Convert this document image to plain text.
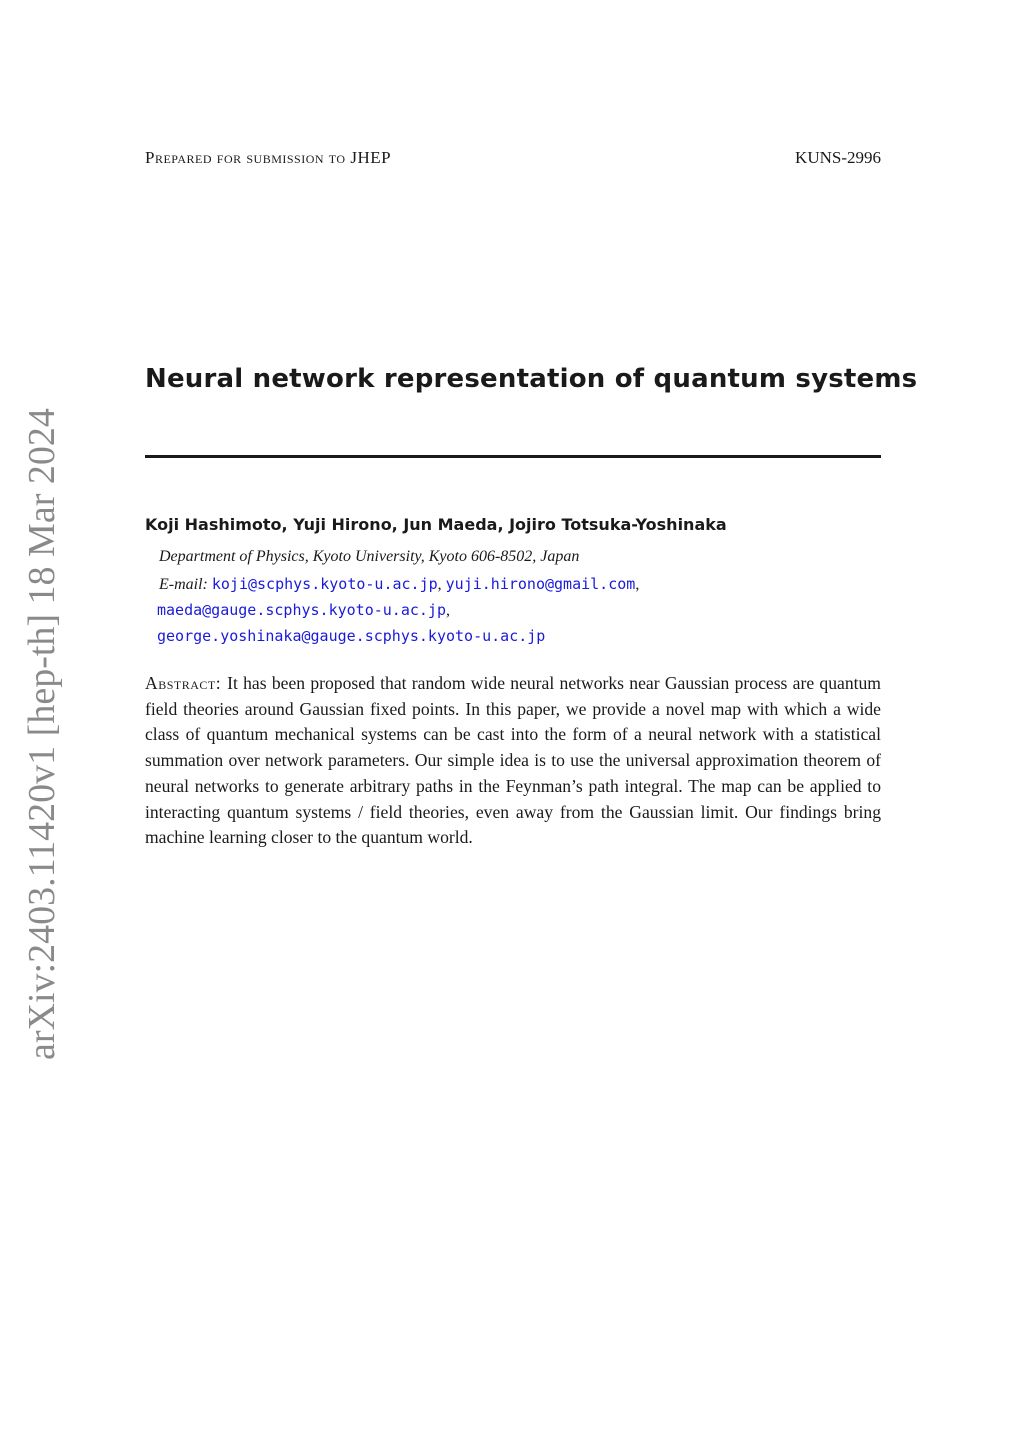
Prepared for submission to JHEP	KUNS-2996
Neural network representation of quantum systems
Koji Hashimoto, Yuji Hirono, Jun Maeda, Jojiro Totsuka-Yoshinaka
Department of Physics, Kyoto University, Kyoto 606-8502, Japan
E-mail: koji@scphys.kyoto-u.ac.jp, yuji.hirono@gmail.com,
maeda@gauge.scphys.kyoto-u.ac.jp,
george.yoshinaka@gauge.scphys.kyoto-u.ac.jp

Abstract: It has been proposed that random wide neural networks near Gaussian process are quantum field theories around Gaussian fixed points. In this paper, we provide a novel map with which a wide class of quantum mechanical systems can be cast into the form of a neural network with a statistical summation over network parameters. Our simple idea is to use the universal approximation theorem of neural networks to generate arbitrary paths in the Feynman’s path integral. The map can be applied to interacting quantum systems / field theories, even away from the Gaussian limit. Our findings bring machine learning closer to the quantum world.

arXiv:2403.11420v1 [hep-th] 18 Mar 2024
